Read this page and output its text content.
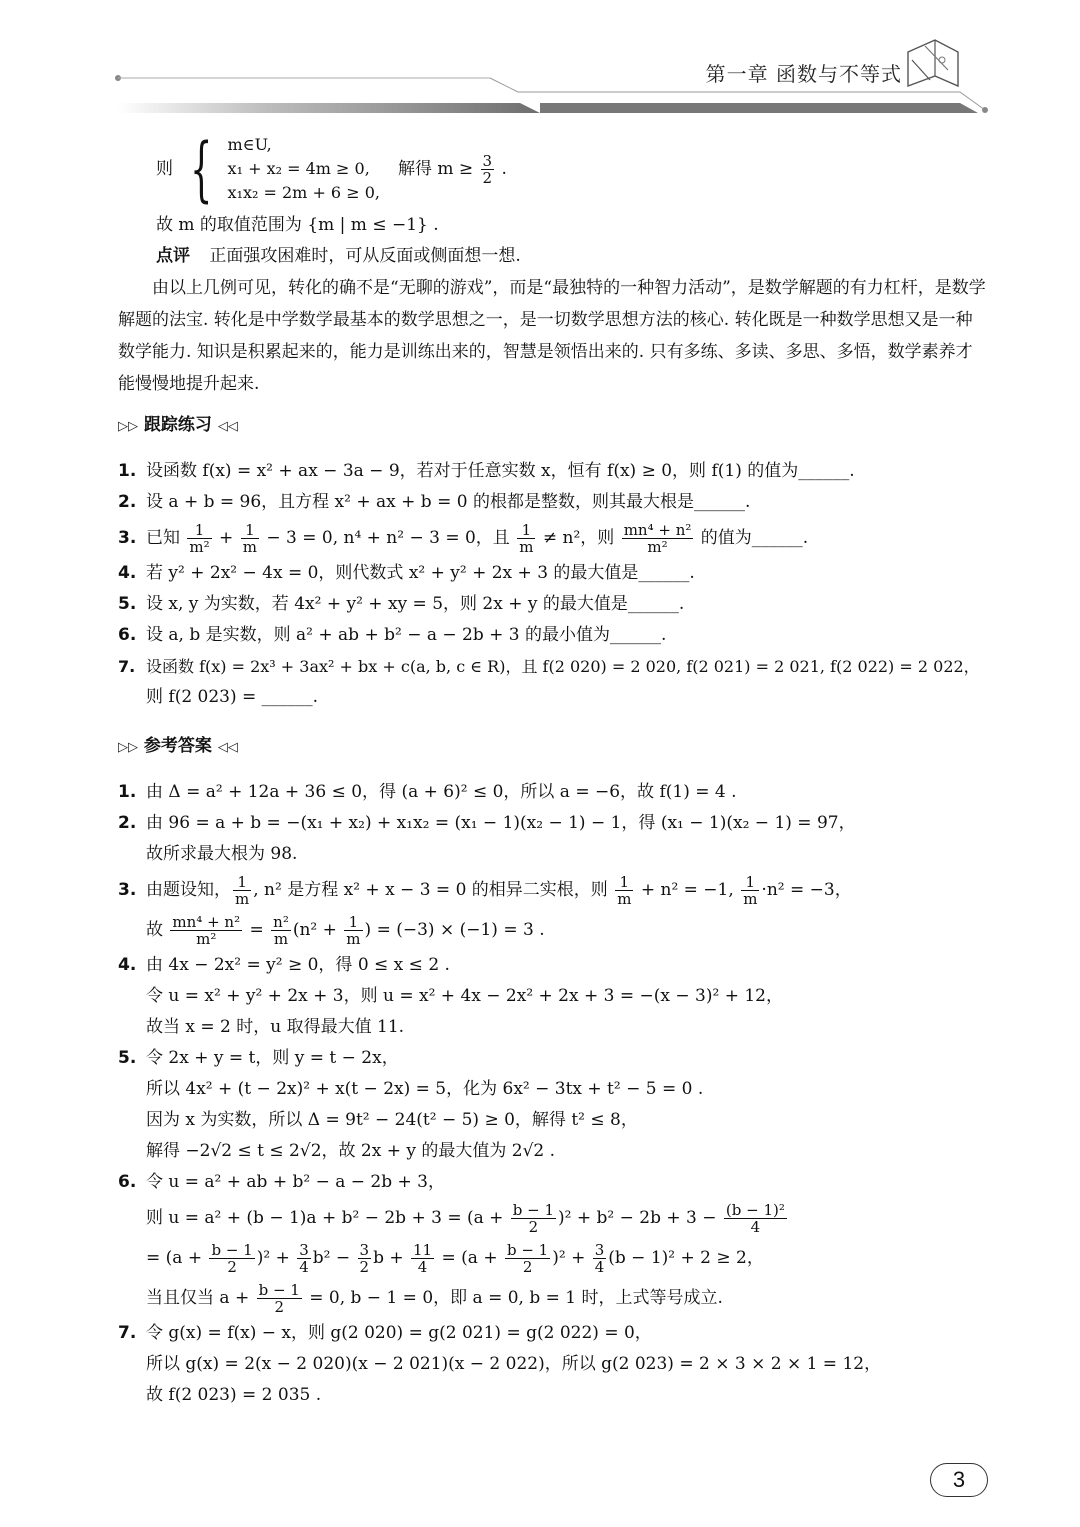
第一章 函数与不等式
则 { m∈U,
x₁ + x₂ = 4m ≥ 0,
x₁x₂ = 2m + 6 ≥ 0,
解得 $m \ge \frac{3}{2}$ .
故 m 的取值范围为 {m | m ≤ −1} .
点评 正面强攻困难时，可从反面或侧面想一想.

由以上几例可见，转化的确不是“无聊的游戏”，而是“最独特的一种智力活动”，是数学解题的有力杠杆，是数学解题的法宝. 转化是中学数学最基本的数学思想之一，是一切数学思想方法的核心. 转化既是一种数学思想又是一种数学能力. 知识是积累起来的，能力是训练出来的，智慧是领悟出来的. 只有多练、多读、多思、多悟，数学素养才能慢慢地提升起来.

▷▷ 跟踪练习 ◁◁
1. 设函数 f(x) = x² + ax − 3a − 9，若对于任意实数 x，恒有 f(x) ≥ 0，则 f(1) 的值为______.
2. 设 a + b = 96，且方程 x² + ax + b = 0 的根都是整数，则其最大根是______.
3. 已知 $\frac{1}{\text{m²}} + \frac{1}{m} - 3 = 0$, n⁴ + n² − 3 = 0，且 $\frac{1}{m} \ne n^2$，则 $\frac{\text{mn⁴ + n²}}{\text{m²}}$ 的值为______.
4. 若 y² + 2x² − 4x = 0，则代数式 x² + y² + 2x + 3 的最大值是______.
5. 设 x, y 为实数，若 4x² + y² + xy = 5，则 2x + y 的最大值是______.
6. 设 a, b 是实数，则 a² + ab + b² − a − 2b + 3 的最小值为______.
7. 设函数 f(x) = 2x³ + 3ax² + bx + c(a, b, c ∈ R)，且 f(2 020) = 2 020, f(2 021) = 2 021, f(2 022) = 2 022，
则 f(2 023) = ______.
▷▷ 参考答案 ◁◁
1. 由 Δ = a² + 12a + 36 ≤ 0，得 (a + 6)² ≤ 0，所以 a = −6，故 f(1) = 4 .
2. 由 96 = a + b = −(x₁ + x₂) + x₁x₂ = (x₁ − 1)(x₂ − 1) − 1，得 (x₁ − 1)(x₂ − 1) = 97，
故所求最大根为 98.
3. 由题设知， $\frac{1}{m}$ , n² 是方程 x² + x − 3 = 0 的相异二实根，则 $\frac{1}{m} + n^2 = -1$, $\frac{1}{m} \cdot n^2 = -3$，
故 $\frac{\text{mn⁴ + n²}}{\text{m²}} = \frac{\text{n²}}{m} (n^2 + \frac{1}{m}$ ) = (−3) × (−1) = 3 .
4. 由 4x − 2x² = y² ≥ 0，得 0 ≤ x ≤ 2 .
令 u = x² + y² + 2x + 3，则 u = x² + 4x − 2x² + 2x + 3 = −(x − 3)² + 12，
故当 x = 2 时，u 取得最大值 11.
5. 令 2x + y = t，则 y = t − 2x，
所以 4x² + (t − 2x)² + x(t − 2x) = 5，化为 6x² − 3tx + t² − 5 = 0 .
因为 x 为实数，所以 Δ = 9t² − 24(t² − 5) ≥ 0，解得 t² ≤ 8，
解得 −2√2 ≤ t ≤ 2√2，故 2x + y 的最大值为 2√2 .
6. 令 u = a² + ab + b² − a − 2b + 3，
则 $u = a^2 + (b - 1)a + b^2 - 2b + 3 = (a + \frac{b - 1}{2} )^2 + b^2 - 2b + 3 - \frac{\text{(b − 1)²}}{4}$
= $(a + \frac{b - 1}{2} )^2 + \frac{3}{4} b^2 - \frac{3}{2}$ $b + \frac{11}{4} = (a + \frac{b - 1}{2} )^2 + \frac{3}{4} (b - 1)^2 + 2 \ge 2$，
当且仅当 $a + \frac{b - 1}{2} = 0$, b − 1 = 0，即 a = 0, b = 1 时，上式等号成立.
7. 令 g(x) = f(x) − x，则 g(2 020) = g(2 021) = g(2 022) = 0，
所以 g(x) = 2(x − 2 020)(x − 2 021)(x − 2 022)，所以 g(2 023) = 2 × 3 × 2 × 1 = 12，
故 f(2 023) = 2 035 .
3
